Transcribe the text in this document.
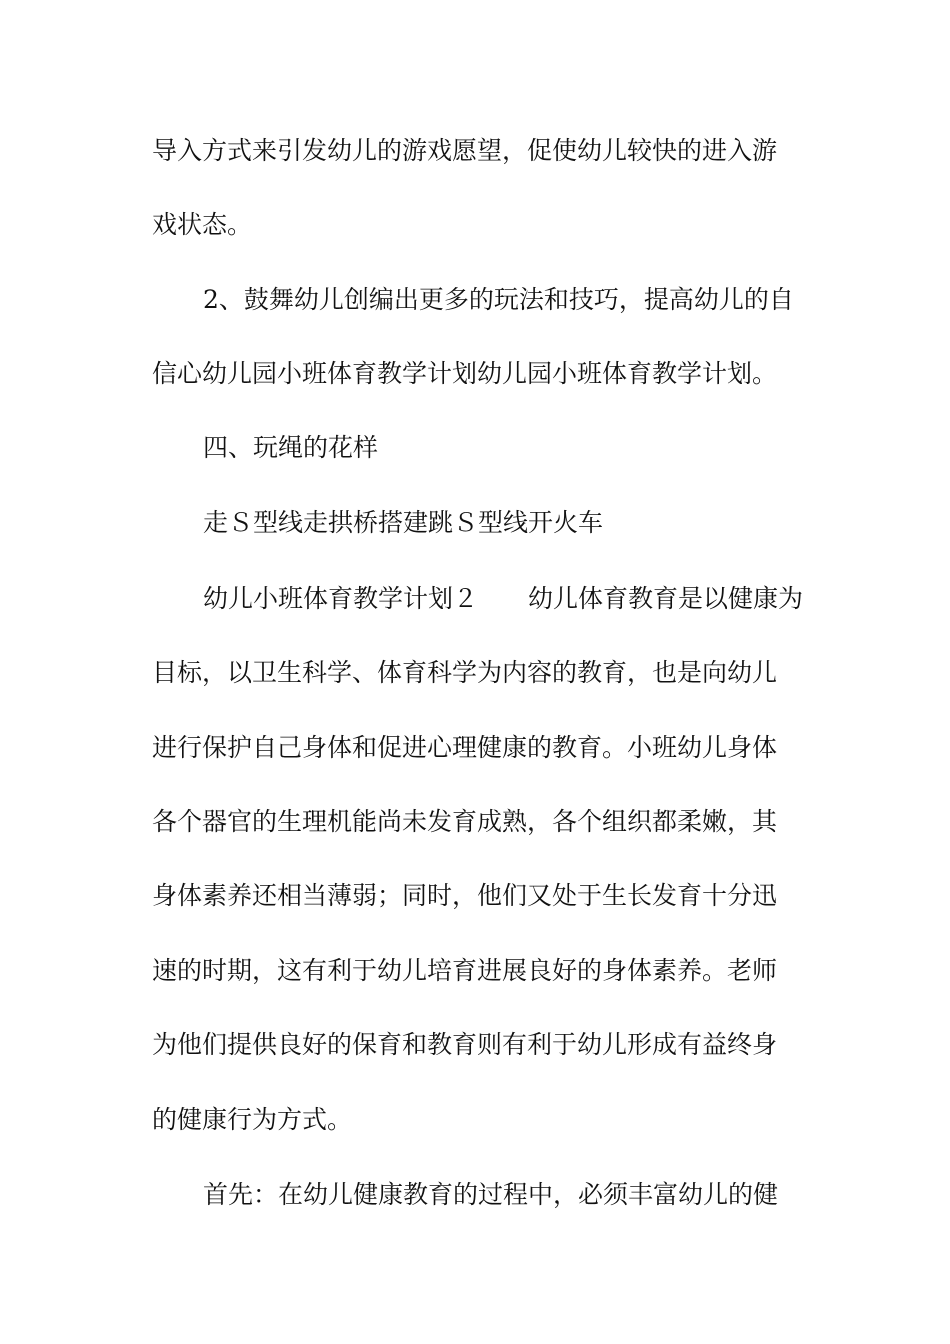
导入方式来引发幼儿的游戏愿望，促使幼儿较快的进入游
戏状态。
2、鼓舞幼儿创编出更多的玩法和技巧，提高幼儿的自
信心幼儿园小班体育教学计划幼儿园小班体育教学计划。
四、玩绳的花样
走Ｓ型线走拱桥搭建跳Ｓ型线开火车
幼儿小班体育教学计划２　　幼儿体育教育是以健康为
目标，以卫生科学、体育科学为内容的教育，也是向幼儿
进行保护自己身体和促进心理健康的教育。小班幼儿身体
各个器官的生理机能尚未发育成熟，各个组织都柔嫩，其
身体素养还相当薄弱；同时，他们又处于生长发育十分迅
速的时期，这有利于幼儿培育进展良好的身体素养。老师
为他们提供良好的保育和教育则有利于幼儿形成有益终身
的健康行为方式。
首先：在幼儿健康教育的过程中，必须丰富幼儿的健
